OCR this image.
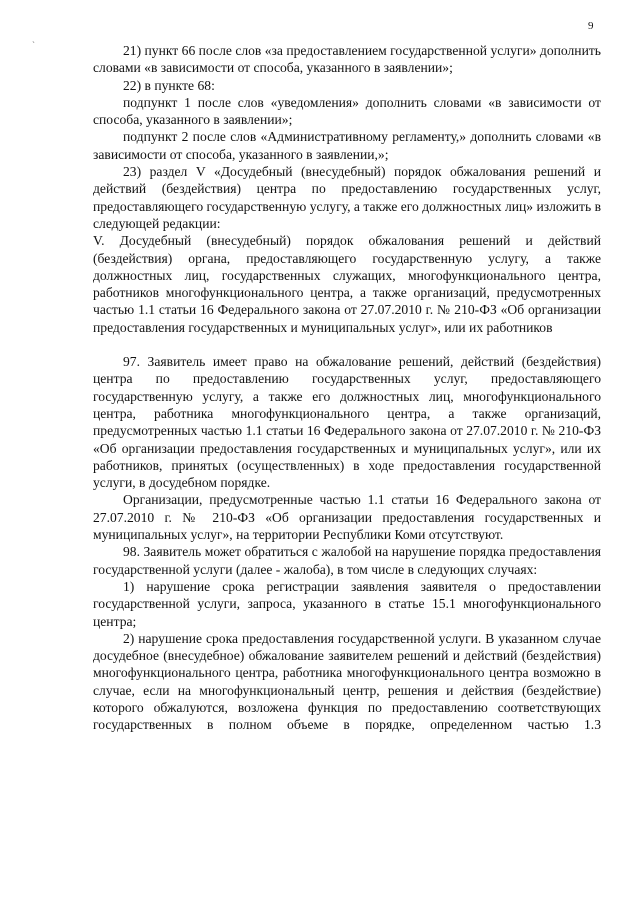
9
`	21) пункт 66 после слов «за предоставлением государственной услуги» дополнить словами «в зависимости от способа, указанного в заявлении»;

22) в пункте 68:

подпункт 1 после слов «уведомления» дополнить словами «в зависимости от способа, указанного в заявлении»;

подпункт 2 после слов «Административному регламенту,» дополнить словами «в зависимости от способа, указанного в заявлении,»;

23) раздел V «Досудебный (внесудебный) порядок обжалования решений и действий (бездействия) центра по предоставлению государственных услуг, предоставляющего государственную услугу, а также его должностных лиц» изложить в следующей редакции:

V. Досудебный (внесудебный) порядок обжалования решений и действий (бездействия) органа, предоставляющего государственную услугу, а также должностных лиц, государственных служащих, многофункционального центра, работников многофункционального центра, а также организаций, предусмотренных частью 1.1 статьи 16 Федерального закона от 27.07.2010 г. № 210-ФЗ «Об организации предоставления государственных и муниципальных услуг», или их работников

97. Заявитель имеет право на обжалование решений, действий (бездействия) центра по предоставлению государственных услуг, предоставляющего государственную услугу, а также его должностных лиц, многофункционального центра, работника многофункционального центра, а также организаций, предусмотренных частью 1.1 статьи 16 Федерального закона от 27.07.2010 г. № 210-ФЗ «Об организации предоставления государственных и муниципальных услуг», или их работников, принятых (осуществленных) в ходе предоставления государственной услуги, в досудебном порядке.

Организации, предусмотренные частью 1.1 статьи 16 Федерального закона от 27.07.2010 г. № 210-ФЗ «Об организации предоставления государственных и муниципальных услуг», на территории Республики Коми отсутствуют.

98. Заявитель может обратиться с жалобой на нарушение порядка предоставления государственной услуги (далее - жалоба), в том числе в следующих случаях:

1) нарушение срока регистрации заявления заявителя о предоставлении государственной услуги, запроса, указанного в статье 15.1 многофункционального центра;

2) нарушение срока предоставления государственной услуги. В указанном случае досудебное (внесудебное) обжалование заявителем решений и действий (бездействия) многофункционального центра, работника многофункционального центра возможно в случае, если на многофункциональный центр, решения и действия (бездействие) которого обжалуются, возложена функция по предоставлению соответствующих государственных в полном объеме в порядке, определенном частью 1.3
